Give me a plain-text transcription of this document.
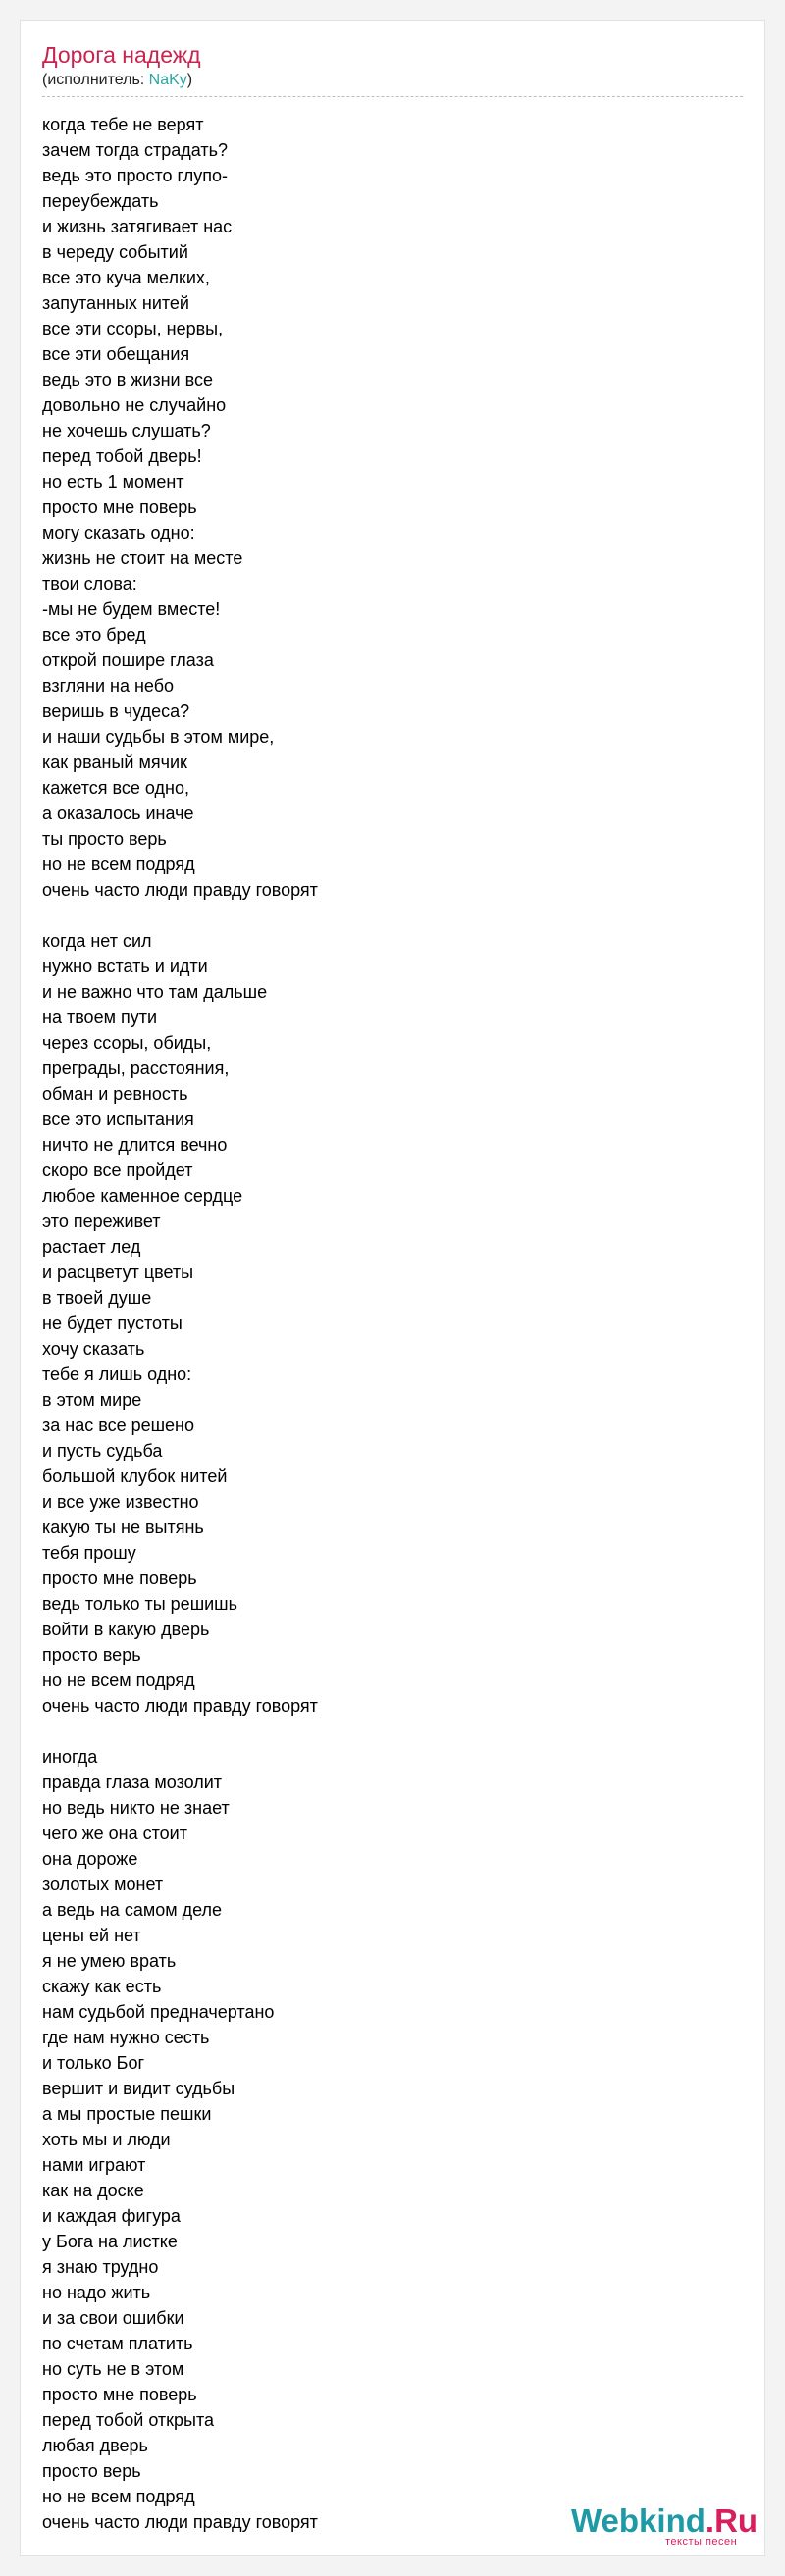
Дорога надежд
(исполнитель: NaKy)
когда тебе не верят
зачем тогда страдать?
ведь это просто глупо-
переубеждать
и жизнь затягивает нас
в череду событий
все это куча мелких,
запутанных нитей
все эти ссоры, нервы,
все эти обещания
ведь это в жизни все
довольно не случайно
не хочешь слушать?
перед тобой дверь!
но есть 1 момент
просто мне поверь
могу сказать одно:
жизнь не стоит на месте
твои слова:
-мы не будем вместе!
все это бред
открой пошире глаза
взгляни на небо
веришь в чудеса?
и наши судьбы в этом мире,
как рваный мячик
кажется все одно,
а оказалось иначе
ты просто верь
но не всем подряд
очень часто люди правду говорят
когда нет сил
нужно встать и идти
и не важно что там дальше
на твоем пути
через ссоры, обиды,
преграды, расстояния,
обман и ревность
все это испытания
ничто не длится вечно
скоро все пройдет
любое каменное сердце
это переживет
растает лед
и расцветут цветы
в твоей душе
не будет пустоты
хочу сказать
тебе я лишь одно:
в этом мире
за нас все решено
и пусть судьба
большой клубок нитей
и все уже известно
какую ты не вытянь
тебя прошу
просто мне поверь
ведь только ты решишь
войти в какую дверь
просто верь
но не всем подряд
очень часто люди правду говорят
иногда
правда глаза мозолит
но ведь никто не знает
чего же она стоит
она дороже
золотых монет
а ведь на самом деле
цены ей нет
я не умею врать
скажу как есть
нам судьбой предначертано
где нам нужно сесть
и только Бог
вершит и видит судьбы
а мы простые пешки
хоть мы и люди
нами играют
как на доске
и каждая фигура
у Бога на листке
я знаю трудно
но надо жить
и за свои ошибки
по счетам платить
но суть не в этом
просто мне поверь
перед тобой открыта
любая дверь
просто верь
но не всем подряд
очень часто люди правду говорят	Webkind.Ru
тексты песен
